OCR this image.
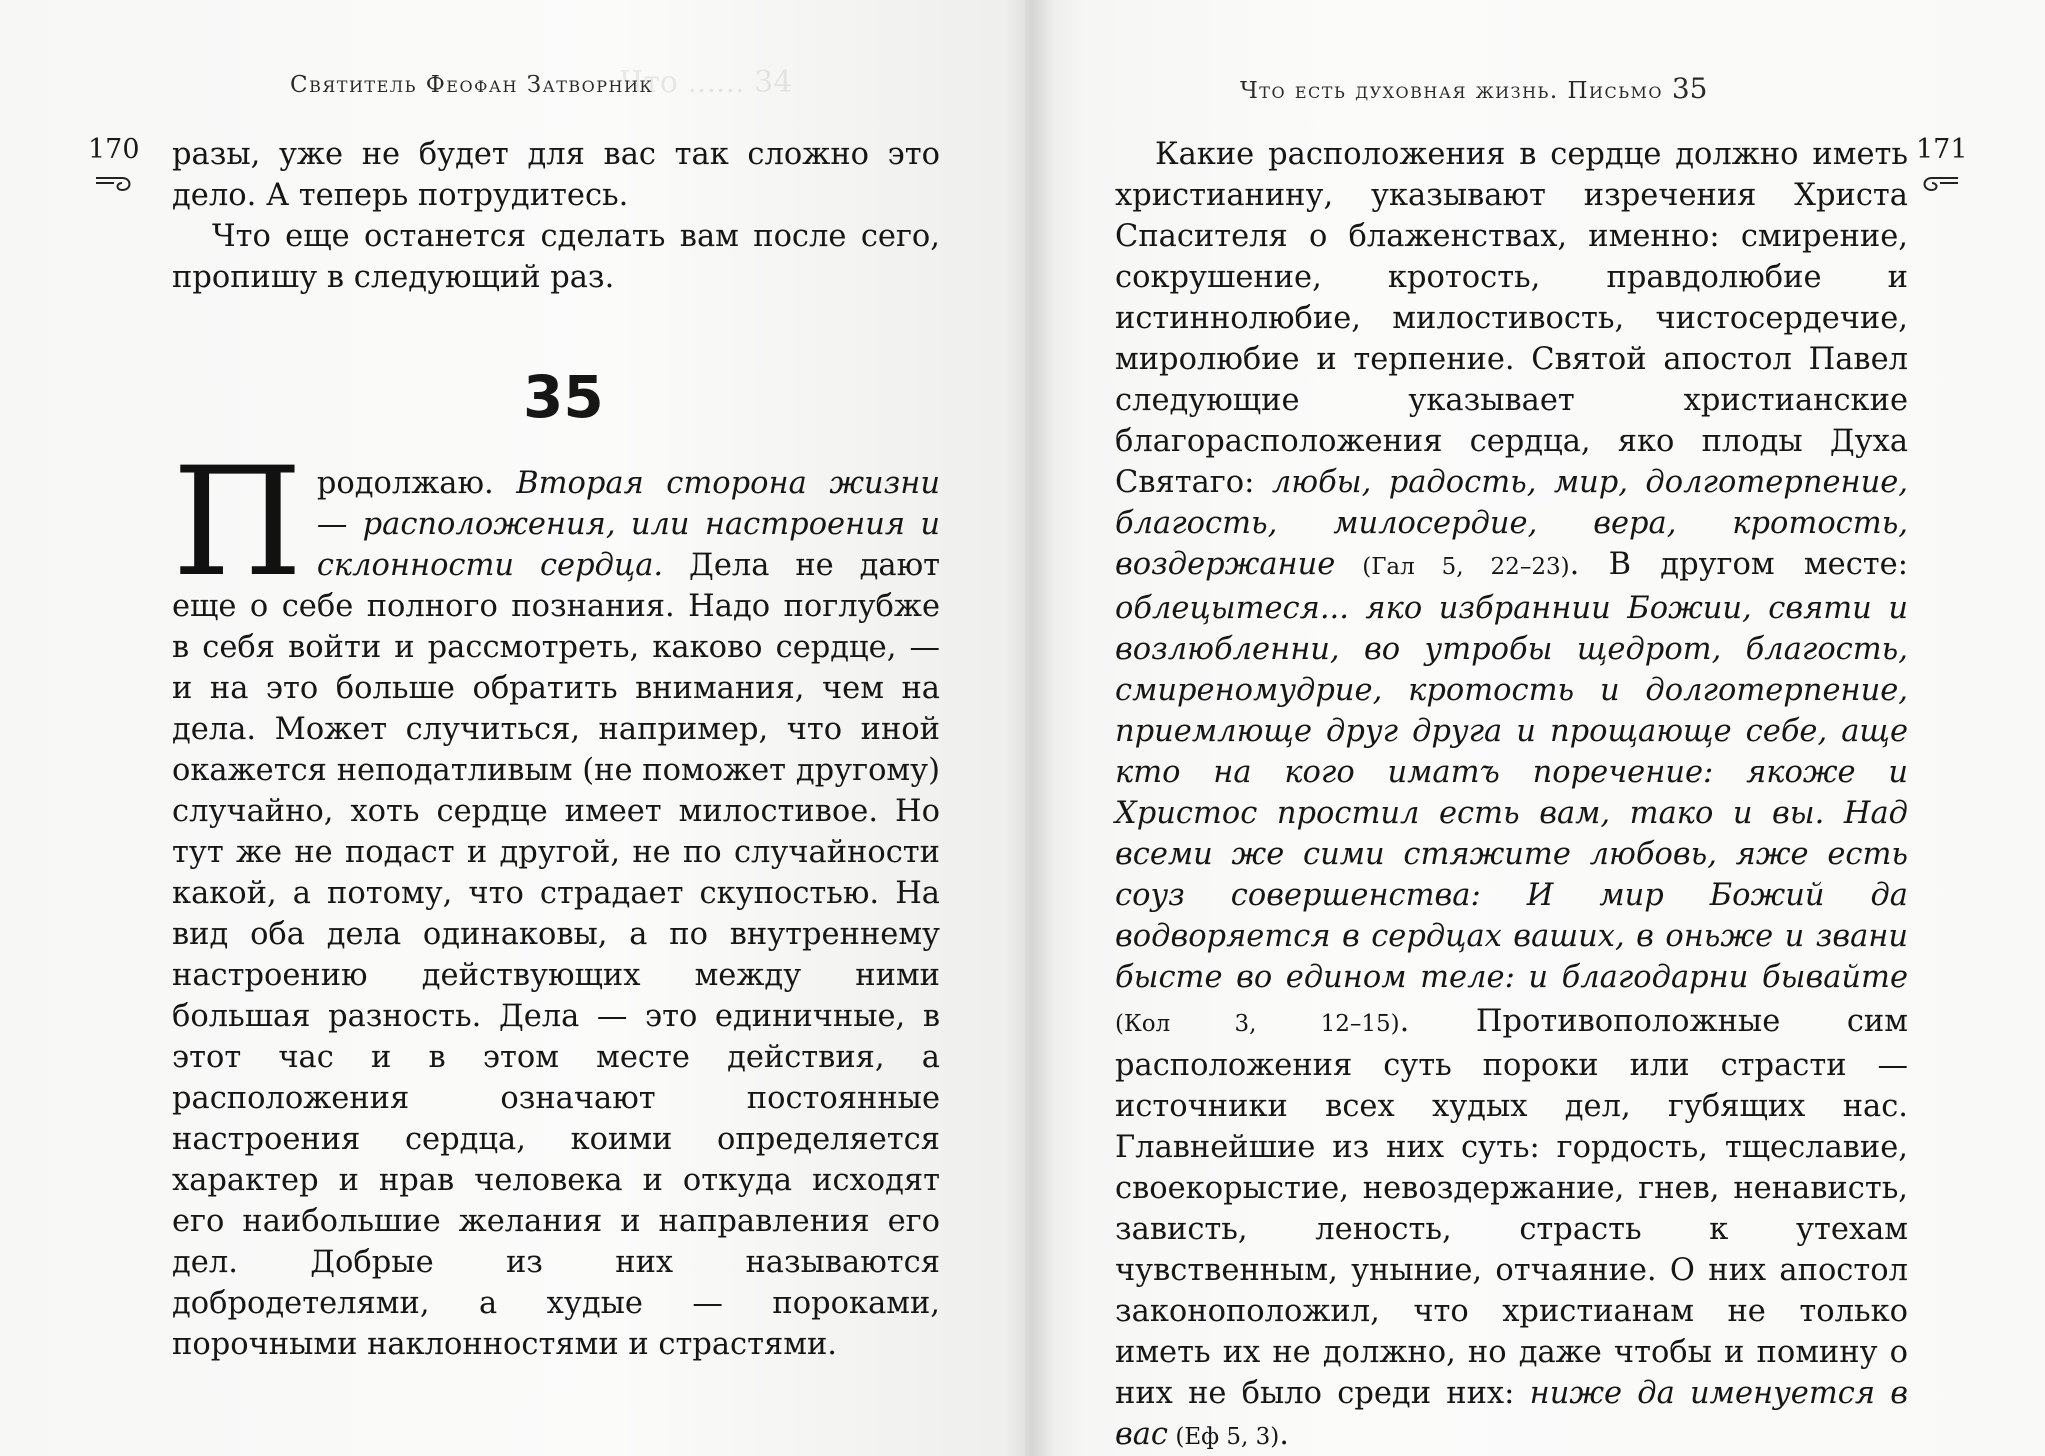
Что ...... 34
Святитель Феофан Затворник
170 разы, уже не будет для вас так сложно это дело. А теперь потрудитесь.

Что еще останется сделать вам после сего, пропишу в следующий раз.

35

Продолжаю. Вторая сторона жизни — расположения, или настроения и склонности сердца. Дела не дают еще о себе полного познания. Надо поглубже в себя войти и рассмотреть, каково сердце, — и на это больше обратить внимания, чем на дела. Может случиться, например, что иной окажется неподатливым (не поможет другому) случайно, хоть сердце имеет милостивое. Но тут же не подаст и другой, не по случайности какой, а потому, что страдает скупостью. На вид оба дела одинаковы, а по внутреннему настроению действующих между ними большая разность. Дела — это единичные, в этот час и в этом месте действия, а расположения означают постоянные настроения сердца, коими определяется характер и нрав человека и откуда исходят его наибольшие желания и направления его дел. Добрые из них называются добродетелями, а худые — пороками, порочными наклонностями и страстями.

Что есть духовная жизнь. Письмо 35
171

Какие расположения в сердце должно иметь христианину, указывают изречения Христа Спасителя о блаженствах, именно: смирение, сокрушение, кротость, правдолюбие и истиннолюбие, милостивость, чистосердечие, миролюбие и терпение. Святой апостол Павел следующие указывает христианские благорасположения сердца, яко плоды Духа Святаго: любы, радость, мир, долготерпение, благость, милосердие, вера, кротость, воздержание (Гал 5, 22–23). В другом месте: облецытеся... яко избраннии Божии, святи и возлюбленни, во утробы щедрот, благость, смиреномудрие, кротость и долготерпение, приемлюще друг друга и прощающе себе, аще кто на кого иматъ поречение: якоже и Христос простил есть вам, тако и вы. Над всеми же сими стяжите любовь, яже есть соуз совершенства: И мир Божий да водворяется в сердцах ваших, в оньже и звани бысте во едином теле: и благодарни бывайте (Кол 3, 12–15). Противоположные сим расположения суть пороки или страсти — источники всех худых дел, губящих нас. Главнейшие из них суть: гордость, тщеславие, своекорыстие, невоздержание, гнев, ненависть, зависть, леность, страсть к утехам чувственным, уныние, отчаяние. О них апостол законоположил, что христианам не только иметь их не должно, но даже чтобы и помину о них не было среди них: ниже да именуется в вас (Еф 5, 3).
